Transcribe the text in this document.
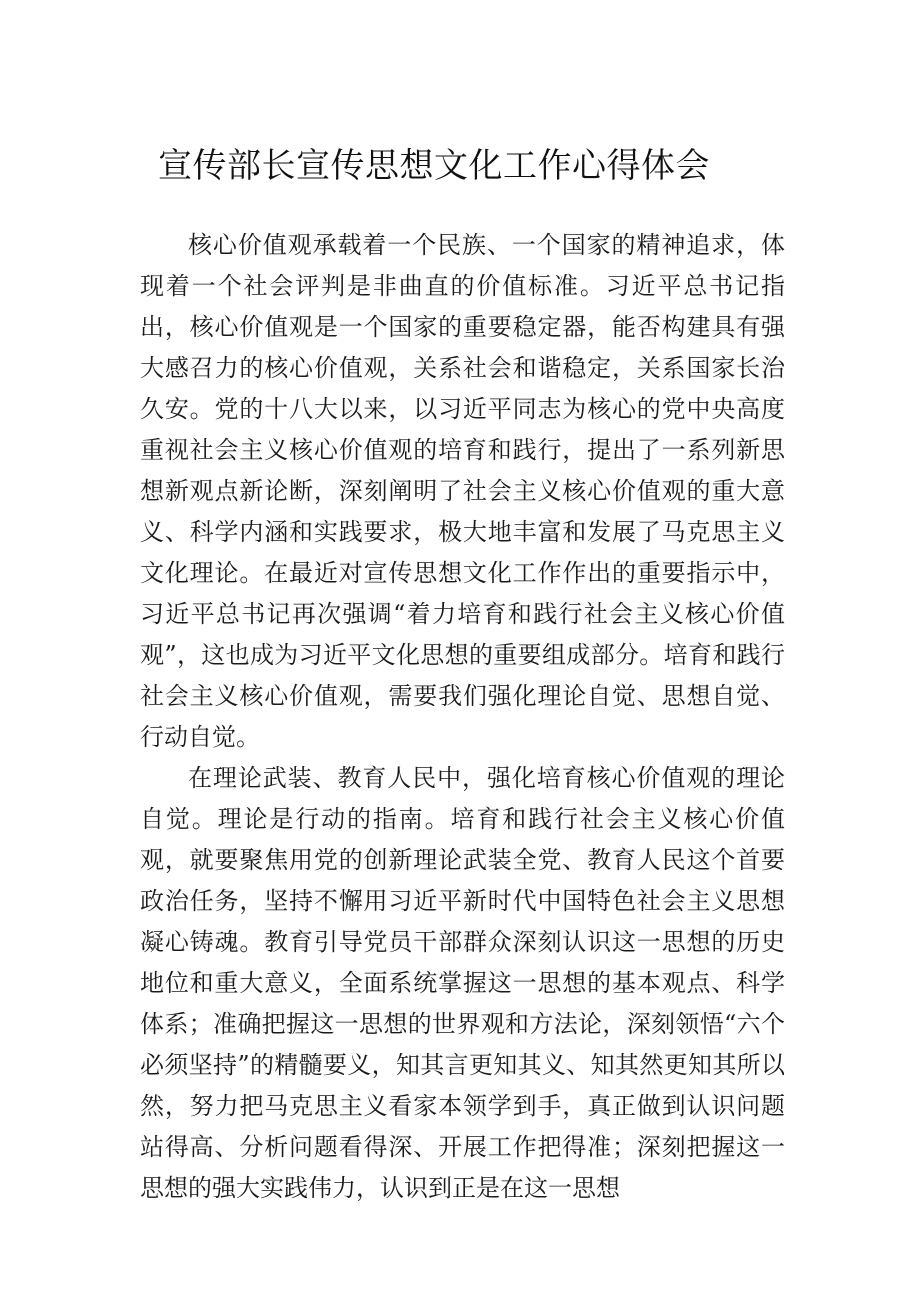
宣传部长宣传思想文化工作心得体会

核心价值观承载着一个民族、一个国家的精神追求，体现着一个社会评判是非曲直的价值标准。习近平总书记指出，核心价值观是一个国家的重要稳定器，能否构建具有强大感召力的核心价值观，关系社会和谐稳定，关系国家长治久安。党的十八大以来，以习近平同志为核心的党中央高度重视社会主义核心价值观的培育和践行，提出了一系列新思想新观点新论断，深刻阐明了社会主义核心价值观的重大意义、科学内涵和实践要求，极大地丰富和发展了马克思主义文化理论。在最近对宣传思想文化工作作出的重要指示中，习近平总书记再次强调“着力培育和践行社会主义核心价值观”，这也成为习近平文化思想的重要组成部分。培育和践行社会主义核心价值观，需要我们强化理论自觉、思想自觉、行动自觉。

在理论武装、教育人民中，强化培育核心价值观的理论自觉。理论是行动的指南。培育和践行社会主义核心价值观，就要聚焦用党的创新理论武装全党、教育人民这个首要政治任务，坚持不懈用习近平新时代中国特色社会主义思想凝心铸魂。教育引导党员干部群众深刻认识这一思想的历史地位和重大意义，全面系统掌握这一思想的基本观点、科学体系；准确把握这一思想的世界观和方法论，深刻领悟“六个必须坚持”的精髓要义，知其言更知其义、知其然更知其所以然，努力把马克思主义看家本领学到手，真正做到认识问题站得高、分析问题看得深、开展工作把得准；深刻把握这一思想的强大实践伟力，认识到正是在这一思想
